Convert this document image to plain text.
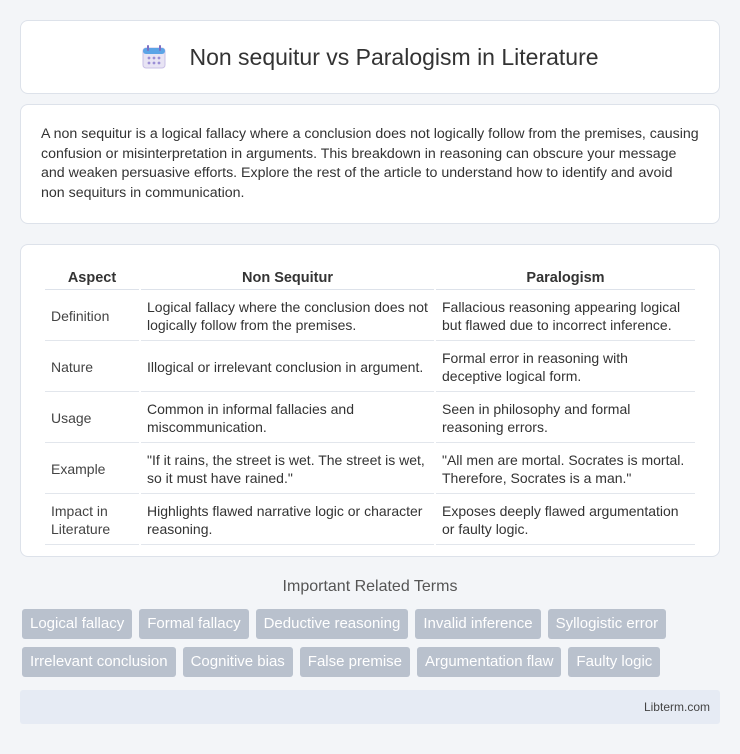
Non sequitur vs Paralogism in Literature

A non sequitur is a logical fallacy where a conclusion does not logically follow from the premises, causing confusion or misinterpretation in arguments. This breakdown in reasoning can obscure your message and weaken persuasive efforts. Explore the rest of the article to understand how to identify and avoid non sequiturs in communication.

Aspect	Non Sequitur	Paralogism
Definition	Logical fallacy where the conclusion does not logically follow from the premises.	Fallacious reasoning appearing logical but flawed due to incorrect inference.
Nature	Illogical or irrelevant conclusion in argument.	Formal error in reasoning with deceptive logical form.
Usage	Common in informal fallacies and miscommunication.	Seen in philosophy and formal reasoning errors.
Example	"If it rains, the street is wet. The street is wet, so it must have rained."	"All men are mortal. Socrates is mortal. Therefore, Socrates is a man."
Impact in Literature	Highlights flawed narrative logic or character reasoning.	Exposes deeply flawed argumentation or faulty logic.
Important Related Terms
Logical fallacy	Formal fallacy	Deductive reasoning	Invalid inference	Syllogistic error
Irrelevant conclusion	Cognitive bias	False premise	Argumentation flaw	Faulty logic
Libterm.com
